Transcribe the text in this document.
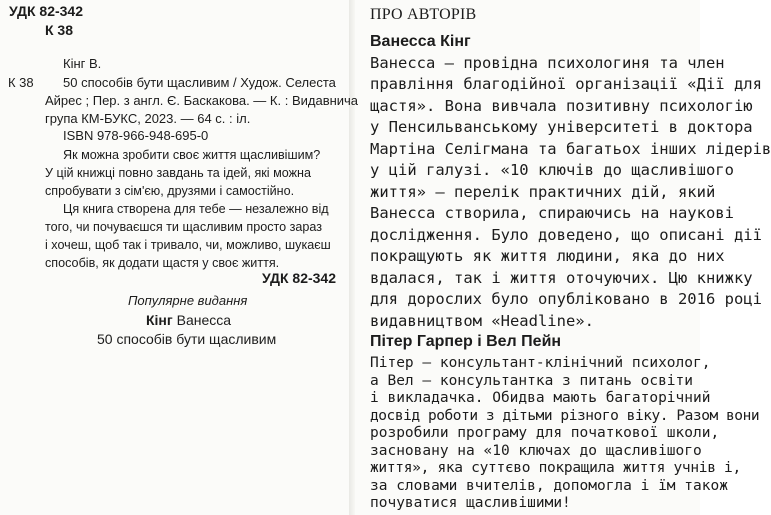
УДК 82-342
К 38
Кінг В.
К 38 50 способів бути щасливим / Худож. Селеста
Айрес ; Пер. з англ. Є. Баскакова. — К. : Видавнича
група КМ-БУКС, 2023. — 64 с. : іл.
ISBN 978-966-948-695-0
Як можна зробити своє життя щасливішим?
У цій книжці повно завдань та ідей, які можна
спробувати з сім'єю, друзями і самостійно.
Ця книга створена для тебе — незалежно від
того, чи почуваєшся ти щасливим просто зараз
і хочеш, щоб так і тривало, чи, можливо, шукаєш
способів, як додати щастя у своє життя.
УДК 82-342
Популярне видання
Кінг Ванесса
50 способів бути щасливим
ПРО АВТОРІВ
Ванесса Кінг
Ванесса – провідна психологиня та член
правління благодійної організації «Дії для
щастя». Вона вивчала позитивну психологію
у Пенсильванському університеті в доктора
Мартіна Селігмана та багатьох інших лідерів
у цій галузі. «10 ключів до щасливішого
життя» – перелік практичних дій, який
Ванесса створила, спираючись на наукові
дослідження. Було доведено, що описані дії
покращують як життя людини, яка до них
вдалася, так і життя оточуючих. Цю книжку
для дорослих було опубліковано в 2016 році
видавництвом «Headline».
Пітер Гарпер і Вел Пейн
Пітер – консультант-клінічний психолог,
а Вел – консультантка з питань освіти
і викладачка. Обидва мають багаторічний
досвід роботи з дітьми різного віку. Разом вони
розробили програму для початкової школи,
засновану на «10 ключах до щасливішого
життя», яка суттєво покращила життя учнів і,
за словами вчителів, допомогла і їм також
почуватися щасливішими!
